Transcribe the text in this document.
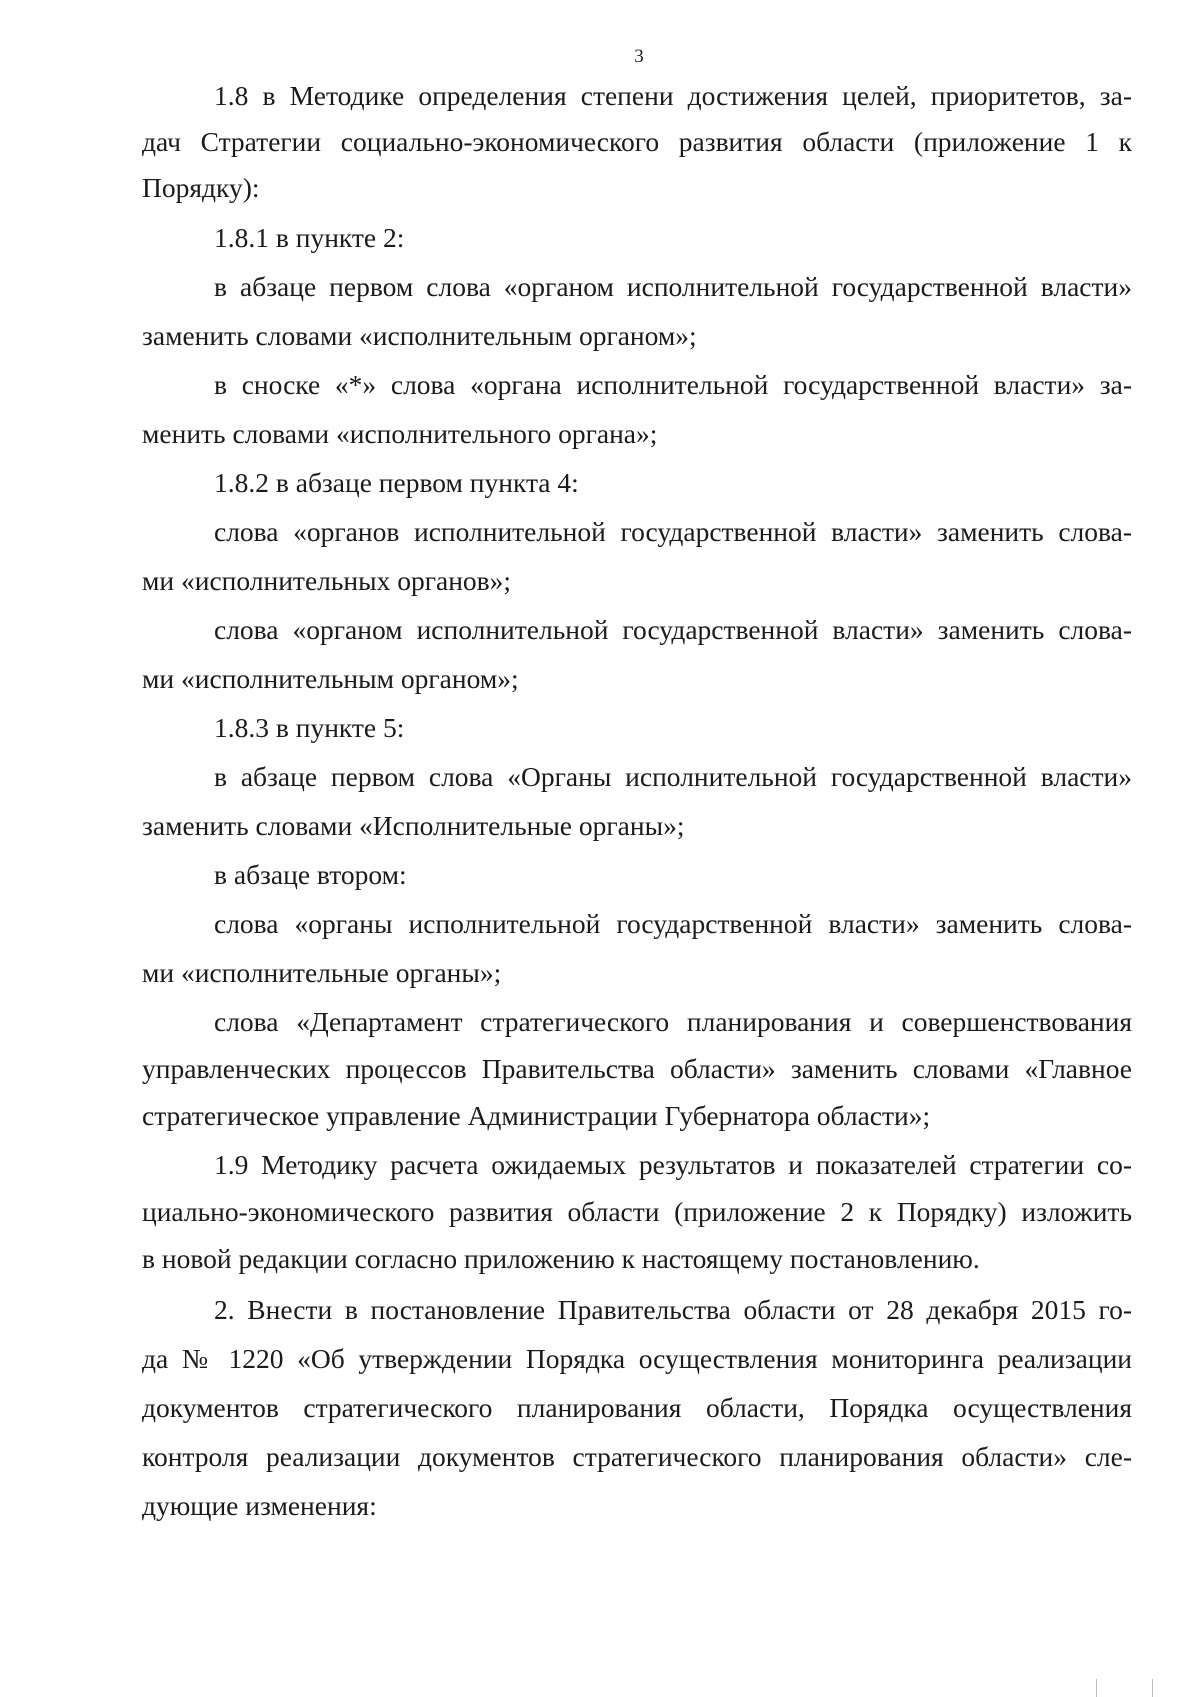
3
1.8 в Методике определения степени достижения целей, приоритетов, за-
дач Стратегии социально-экономического развития области (приложение 1 к
Порядку):
1.8.1 в пункте 2:
в абзаце первом слова «органом исполнительной государственной власти»
заменить словами «исполнительным органом»;
в сноске «*» слова «органа исполнительной государственной власти» за-
менить словами «исполнительного органа»;
1.8.2 в абзаце первом пункта 4:
слова «органов исполнительной государственной власти» заменить слова-
ми «исполнительных органов»;
слова «органом исполнительной государственной власти» заменить слова-
ми «исполнительным органом»;
1.8.3 в пункте 5:
в абзаце первом слова «Органы исполнительной государственной власти»
заменить словами «Исполнительные органы»;
в абзаце втором:
слова «органы исполнительной государственной власти» заменить слова-
ми «исполнительные органы»;
слова «Департамент стратегического планирования и совершенствования
управленческих процессов Правительства области» заменить словами «Главное
стратегическое управление Администрации Губернатора области»;
1.9 Методику расчета ожидаемых результатов и показателей стратегии со-
циально-экономического развития области (приложение 2 к Порядку) изложить
в новой редакции согласно приложению к настоящему постановлению.
2. Внести в постановление Правительства области от 28 декабря 2015 го-
да № 1220 «Об утверждении Порядка осуществления мониторинга реализации
документов стратегического планирования области, Порядка осуществления
контроля реализации документов стратегического планирования области» сле-
дующие изменения:
